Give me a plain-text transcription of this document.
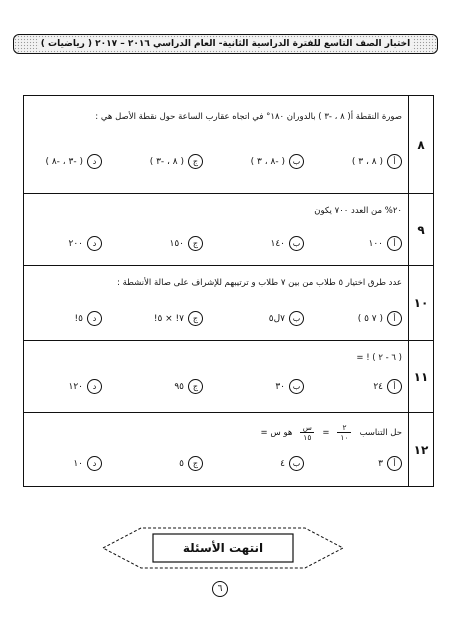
اختبار الصف التاسع للفترة الدراسية الثانية- العام الدراسي ٢٠١٦ – ٢٠١٧ ( رياضيات )
صورة النقطة أ( ٨ ، -٣ ) بالدوران ١٨٠° في اتجاه عقارب الساعة حول نقطة الأصل هي :
أ
( ٨ ، ٣ )
ب
( -٨ ، ٣ )
ج
( ٨ ، -٣ )
د
( -٣ ، -٨ )
٨
٢٠% من العدد ٧٠٠ يكون
أ
١٠٠
ب
١٤٠
ج
١٥٠
د
٢٠٠
٩
عدد طرق اختيار ٥ طلاب من بين ٧ طلاب و ترتيبهم للإشراف على صالة الأنشطة :
أ
( ٧ ٥ )
ب
٧ل٥
ج
٧! × ٥!
د
٥!
١٠
( ٦ - ٢ ) ! =
أ
٢٤
ب
٣٠
ج
٩٥
د
١٢٠
١١
حل التناسب
$\frac{٢}{١٠}$
=
$\frac{\text{س}}{١٥}$
هو س =
أ
٣
ب
٤
ج
٥
د
١٠
١٢
انتهت الأسئلة
٦
